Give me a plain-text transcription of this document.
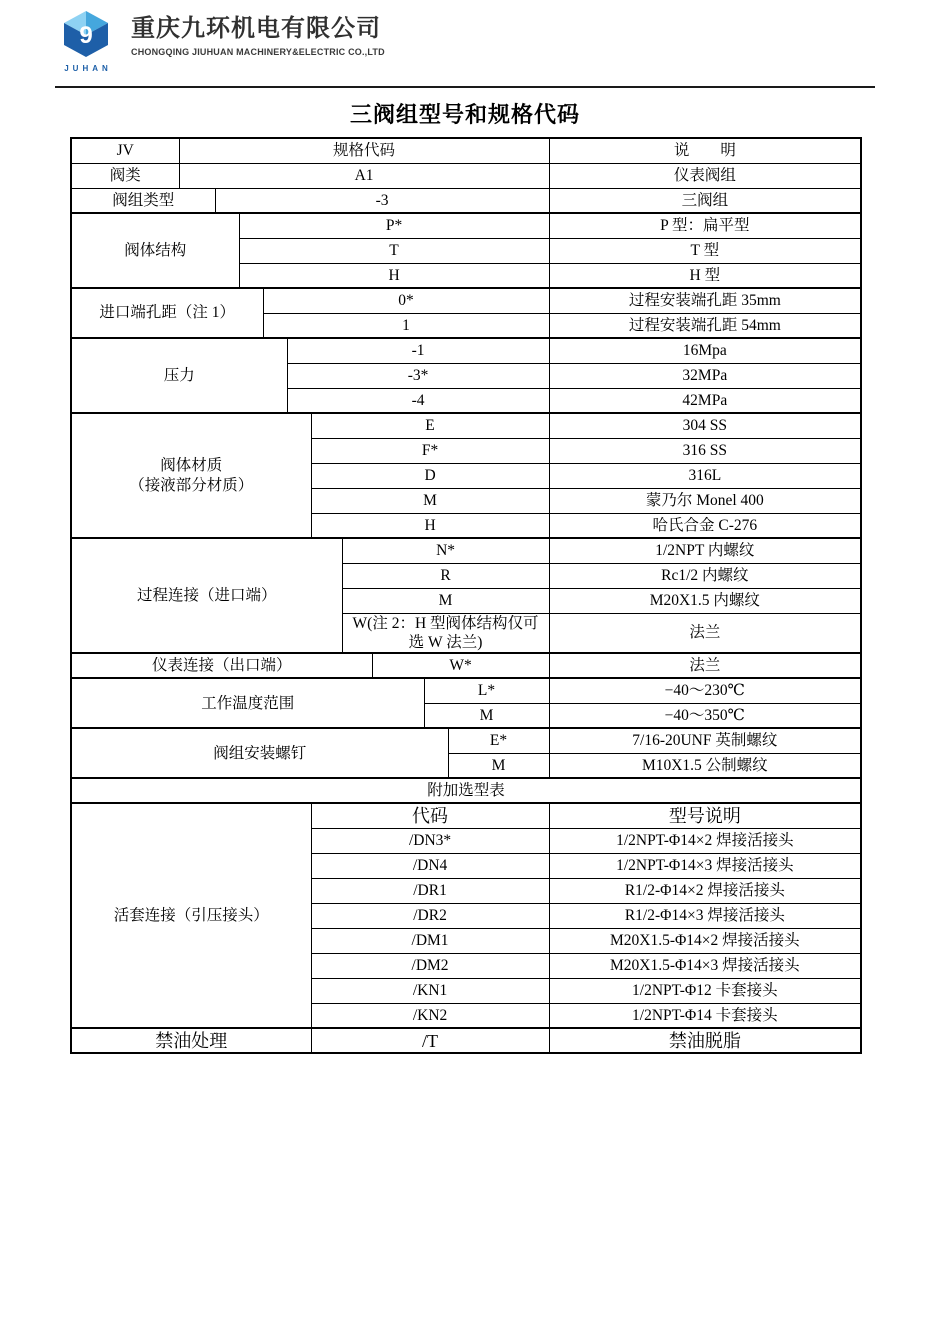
9
JUHAN
重庆九环机电有限公司
CHONGQING JIUHUAN MACHINERY&ELECTRIC CO.,LTD
三阀组型号和规格代码
JV	规格代码										说　　明
阀类	A1										仪表阀组
阀组类型		-3									三阀组
阀体结构			P*								P 型：扁平型
			T								T 型
			H								H 型
进口端孔距（注 1）				0*							过程安装端孔距 35mm
				1							过程安装端孔距 54mm
压力					-1						16Mpa
					-3*						32MPa
					-4						42MPa
阀体材质
（接液部分材质）						E					304 SS
						F*					316 SS
						D					316L
						M					蒙乃尔 Monel 400
						H					哈氏合金 C-276
过程连接（进口端）							N*				1/2NPT 内螺纹
							R				Rc1/2 内螺纹
							M				M20X1.5 内螺纹
							W(注 2：H 型阀体结构仅可选 W 法兰)				法兰
仪表连接（出口端）								W*			法兰
工作温度范围									L*		−40～230℃
									M		−40～350℃
阀组安装螺钉										E*	7/16-20UNF 英制螺纹
										M	M10X1.5 公制螺纹
附加选型表											
活套连接（引压接头）						代码					型号说明
						/DN3*					1/2NPT-Φ14×2 焊接活接头
						/DN4					1/2NPT-Φ14×3 焊接活接头
						/DR1					R1/2-Φ14×2 焊接活接头
						/DR2					R1/2-Φ14×3 焊接活接头
						/DM1					M20X1.5-Φ14×2 焊接活接头
						/DM2					M20X1.5-Φ14×3 焊接活接头
						/KN1					1/2NPT-Φ12 卡套接头
						/KN2					1/2NPT-Φ14 卡套接头
禁油处理						/T					禁油脱脂
